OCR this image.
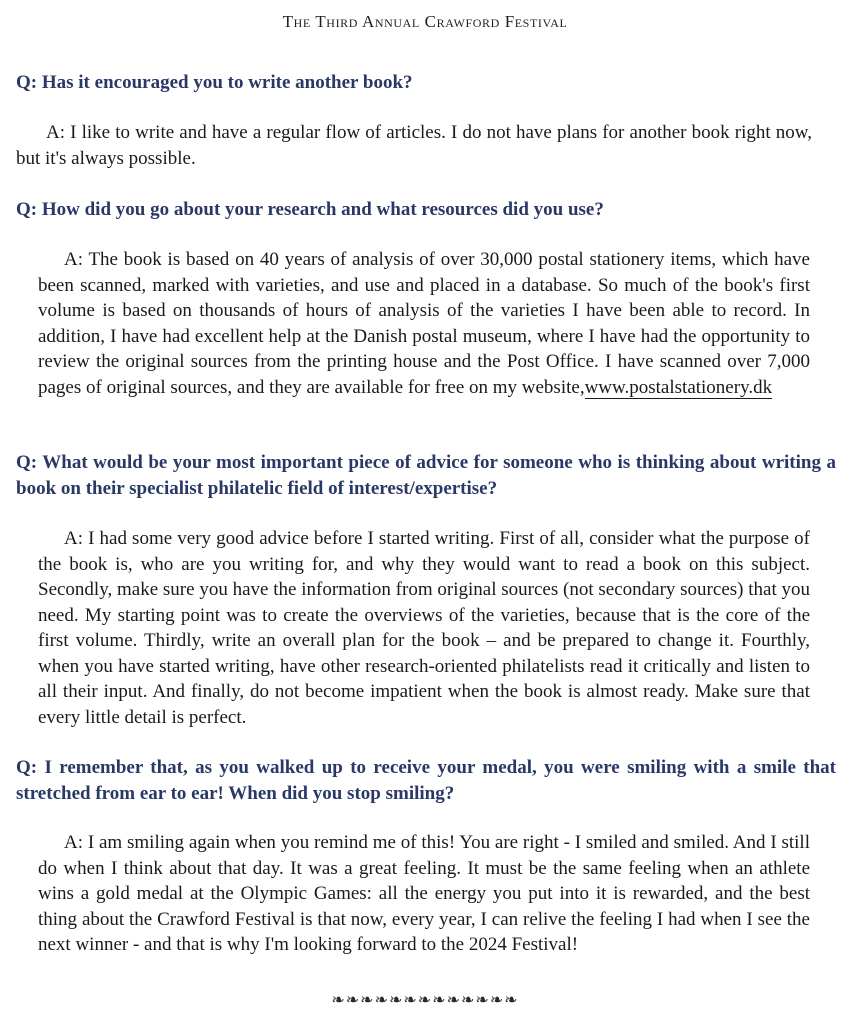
The Third Annual Crawford Festival

Q: Has it encouraged you to write another book?

A: I like to write and have a regular flow of articles. I do not have plans for another book right now, but it's always possible.

Q: How did you go about your research and what resources did you use?

A: The book is based on 40 years of analysis of over 30,000 postal stationery items, which have been scanned, marked with varieties, and use and placed in a database. So much of the book's first volume is based on thousands of hours of analysis of the varieties I have been able to record. In addition, I have had excellent help at the Danish postal museum, where I have had the opportunity to review the original sources from the printing house and the Post Office. I have scanned over 7,000 pages of original sources, and they are available for free on my website,www.postalstationery.dk

Q: What would be your most important piece of advice for someone who is thinking about writing a book on their specialist philatelic field of interest/expertise?

A: I had some very good advice before I started writing. First of all, consider what the purpose of the book is, who are you writing for, and why they would want to read a book on this subject. Secondly, make sure you have the information from original sources (not secondary sources) that you need. My starting point was to create the overviews of the varieties, because that is the core of the first volume. Thirdly, write an overall plan for the book – and be prepared to change it. Fourthly, when you have started writing, have other research-oriented philatelists read it critically and listen to all their input. And finally, do not become impatient when the book is almost ready. Make sure that every little detail is perfect.

Q: I remember that, as you walked up to receive your medal, you were smiling with a smile that stretched from ear to ear! When did you stop smiling?

A: I am smiling again when you remind me of this! You are right - I smiled and smiled. And I still do when I think about that day. It was a great feeling. It must be the same feeling when an athlete wins a gold medal at the Olympic Games: all the energy you put into it is rewarded, and the best thing about the Crawford Festival is that now, every year, I can relive the feeling I had when I see the next winner - and that is why I'm looking forward to the 2024 Festival!

❧❧❧❧❧❧❧❧❧❧❧❧❧
